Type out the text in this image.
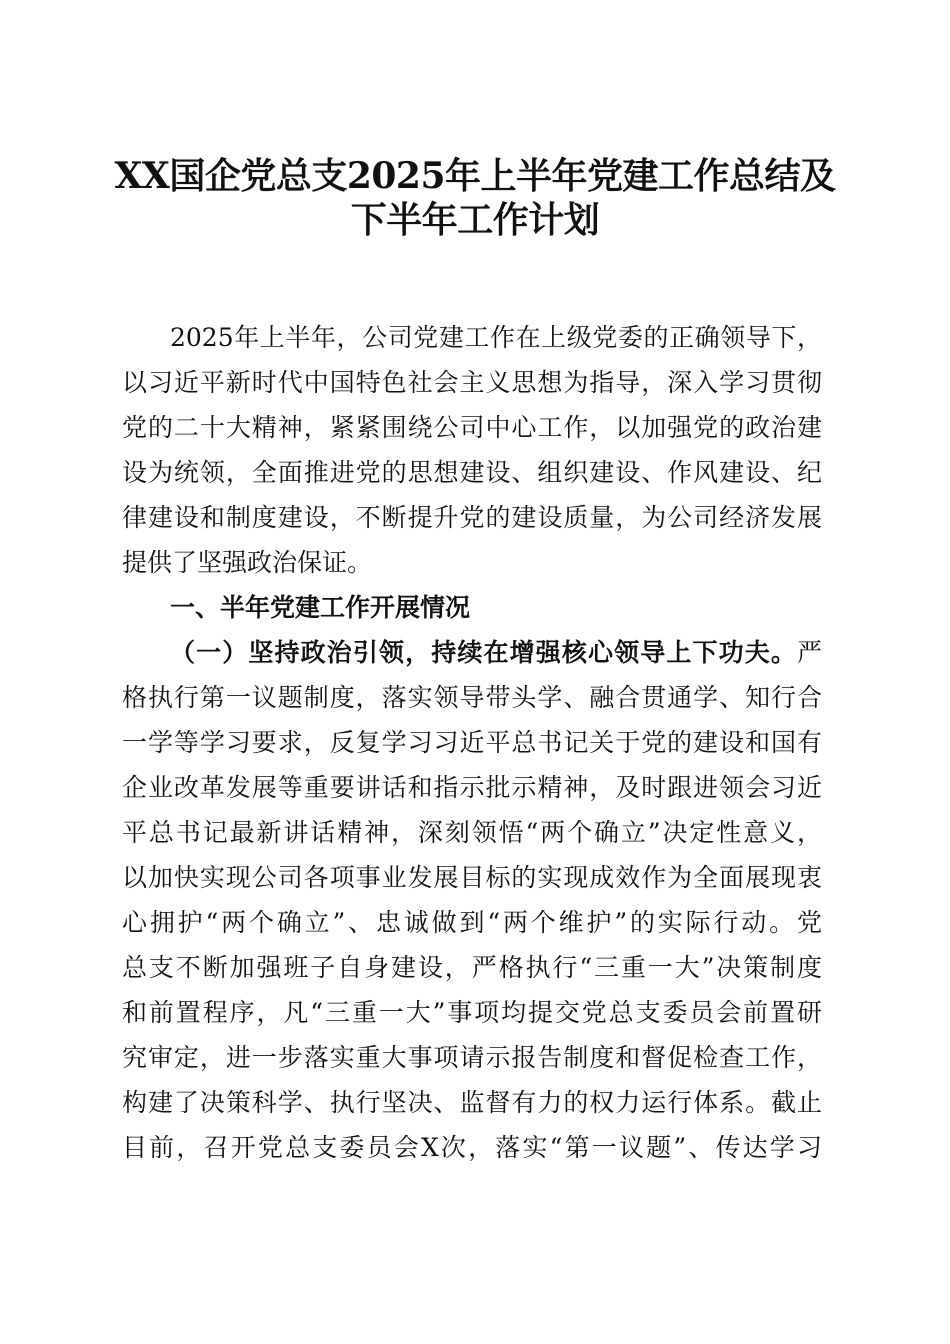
XX国企党总支2025年上半年党建工作总结及
下半年工作计划

2025年上半年，公司党建工作在上级党委的正确领导下，

以习近平新时代中国特色社会主义思想为指导，深入学习贯彻

党的二十大精神，紧紧围绕公司中心工作，以加强党的政治建

设为统领，全面推进党的思想建设、组织建设、作风建设、纪

律建设和制度建设，不断提升党的建设质量，为公司经济发展

提供了坚强政治保证。

一、半年党建工作开展情况

（一）坚持政治引领，持续在增强核心领导上下功夫。严

格执行第一议题制度，落实领导带头学、融合贯通学、知行合

一学等学习要求，反复学习习近平总书记关于党的建设和国有

企业改革发展等重要讲话和指示批示精神，及时跟进领会习近

平总书记最新讲话精神，深刻领悟“两个确立”决定性意义，

以加快实现公司各项事业发展目标的实现成效作为全面展现衷

心拥护“两个确立”、忠诚做到“两个维护”的实际行动。党

总支不断加强班子自身建设，严格执行“三重一大”决策制度

和前置程序，凡“三重一大”事项均提交党总支委员会前置研

究审定，进一步落实重大事项请示报告制度和督促检查工作，

构建了决策科学、执行坚决、监督有力的权力运行体系。截止

目前，召开党总支委员会X次，落实“第一议题”、传达学习
